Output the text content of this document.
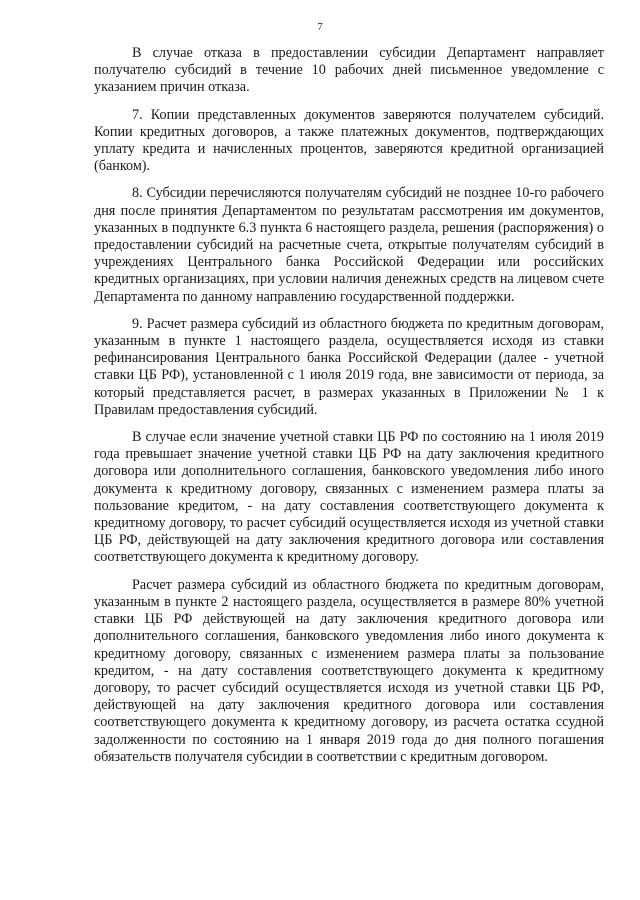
7

В случае отказа в предоставлении субсидии Департамент направляет получателю субсидий в течение 10 рабочих дней письменное уведомление с указанием причин отказа.

7. Копии представленных документов заверяются получателем субсидий. Копии кредитных договоров, а также платежных документов, подтверждающих уплату кредита и начисленных процентов, заверяются кредитной организацией (банком).

8. Субсидии перечисляются получателям субсидий не позднее 10-го рабочего дня после принятия Департаментом по результатам рассмотрения им документов, указанных в подпункте 6.3 пункта 6 настоящего раздела, решения (распоряжения) о предоставлении субсидий на расчетные счета, открытые получателям субсидий в учреждениях Центрального банка Российской Федерации или российских кредитных организациях, при условии наличия денежных средств на лицевом счете Департамента по данному направлению государственной поддержки.

9. Расчет размера субсидий из областного бюджета по кредитным договорам, указанным в пункте 1 настоящего раздела, осуществляется исходя из ставки рефинансирования Центрального банка Российской Федерации (далее - учетной ставки ЦБ РФ), установленной с 1 июля 2019 года, вне зависимости от периода, за который представляется расчет, в размерах указанных в Приложении № 1 к Правилам предоставления субсидий.

В случае если значение учетной ставки ЦБ РФ по состоянию на 1 июля 2019 года превышает значение учетной ставки ЦБ РФ на дату заключения кредитного договора или дополнительного соглашения, банковского уведомления либо иного документа к кредитному договору, связанных с изменением размера платы за пользование кредитом, - на дату составления соответствующего документа к кредитному договору, то расчет субсидий осуществляется исходя из учетной ставки ЦБ РФ, действующей на дату заключения кредитного договора или составления соответствующего документа к кредитному договору.

Расчет размера субсидий из областного бюджета по кредитным договорам, указанным в пункте 2 настоящего раздела, осуществляется в размере 80% учетной ставки ЦБ РФ действующей на дату заключения кредитного договора или дополнительного соглашения, банковского уведомления либо иного документа к кредитному договору, связанных с изменением размера платы за пользование кредитом, - на дату составления соответствующего документа к кредитному договору, то расчет субсидий осуществляется исходя из учетной ставки ЦБ РФ, действующей на дату заключения кредитного договора или составления соответствующего документа к кредитному договору, из расчета остатка ссудной задолженности по состоянию на 1 января 2019 года до дня полного погашения обязательств получателя субсидии в соответствии с кредитным договором.
